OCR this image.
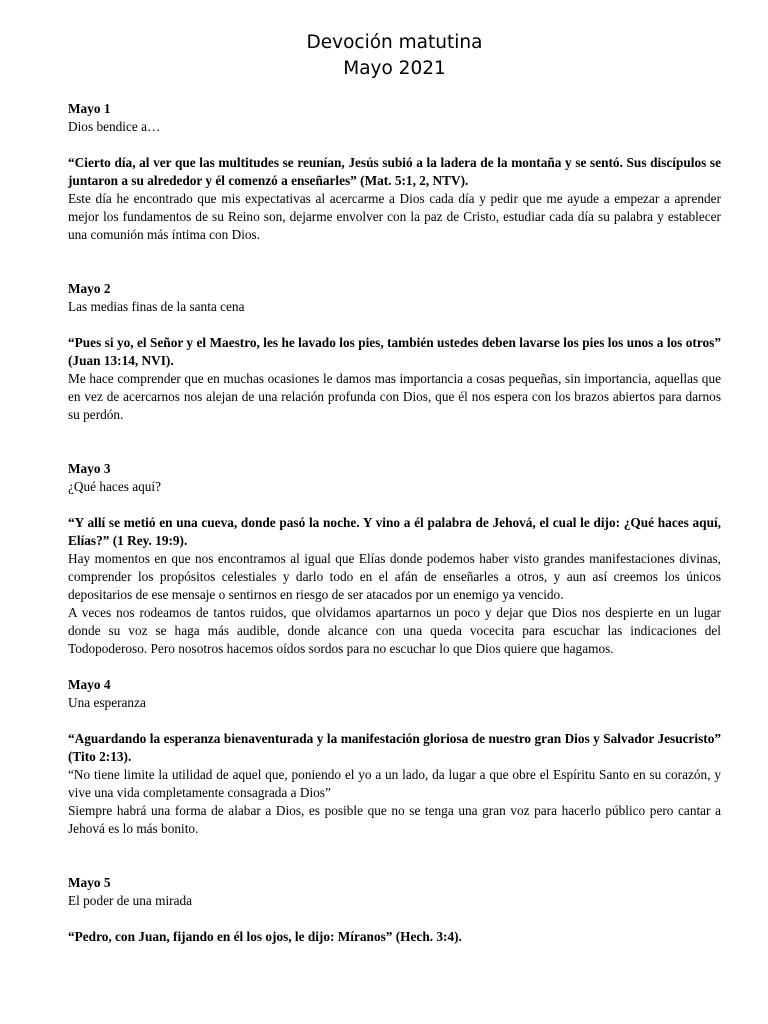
Devoción matutina
Mayo 2021

Mayo 1

Dios bendice a…

“Cierto día, al ver que las multitudes se reunían, Jesús subió a la ladera de la montaña y se sentó. Sus discípulos se juntaron a su alrededor y él comenzó a enseñarles” (Mat. 5:1, 2, NTV).

Este día he encontrado que mis expectativas al acercarme a Dios cada día y pedir que me ayude a empezar a aprender mejor los fundamentos de su Reino son, dejarme envolver con la paz de Cristo, estudiar cada día su palabra y establecer una comunión más íntima con Dios.

Mayo 2

Las medias finas de la santa cena

“Pues si yo, el Señor y el Maestro, les he lavado los pies, también ustedes deben lavarse los pies los unos a los otros” (Juan 13:14, NVI).

Me hace comprender que en muchas ocasiones le damos mas importancia a cosas pequeñas, sin importancia, aquellas que en vez de acercarnos nos alejan de una relación profunda con Dios, que él nos espera con los brazos abiertos para darnos su perdón.

Mayo 3

¿Qué haces aquí?

“Y allí se metió en una cueva, donde pasó la noche. Y vino a él palabra de Jehová, el cual le dijo: ¿Qué haces aquí, Elías?” (1 Rey. 19:9).

Hay momentos en que nos encontramos al igual que Elías donde podemos haber visto grandes manifestaciones divinas, comprender los propósitos celestiales y darlo todo en el afán de enseñarles a otros, y aun así creemos los únicos depositarios de ese mensaje o sentirnos en riesgo de ser atacados por un enemigo ya vencido.

A veces nos rodeamos de tantos ruidos, que olvidamos apartarnos un poco y dejar que Dios nos despierte en un lugar donde su voz se haga más audible, donde alcance con una queda vocecita para escuchar las indicaciones del Todopoderoso. Pero nosotros hacemos oídos sordos para no escuchar lo que Dios quiere que hagamos.

Mayo 4

Una esperanza

“Aguardando la esperanza bienaventurada y la manifestación gloriosa de nuestro gran Dios y Salvador Jesucristo” (Tito 2:13).

“No tiene limite la utilidad de aquel que, poniendo el yo a un lado, da lugar a que obre el Espíritu Santo en su corazón, y vive una vida completamente consagrada a Dios”

Siempre habrá una forma de alabar a Dios, es posible que no se tenga una gran voz para hacerlo público pero cantar a Jehová es lo más bonito.

Mayo 5

El poder de una mirada

“Pedro, con Juan, fijando en él los ojos, le dijo: Míranos” (Hech. 3:4).
